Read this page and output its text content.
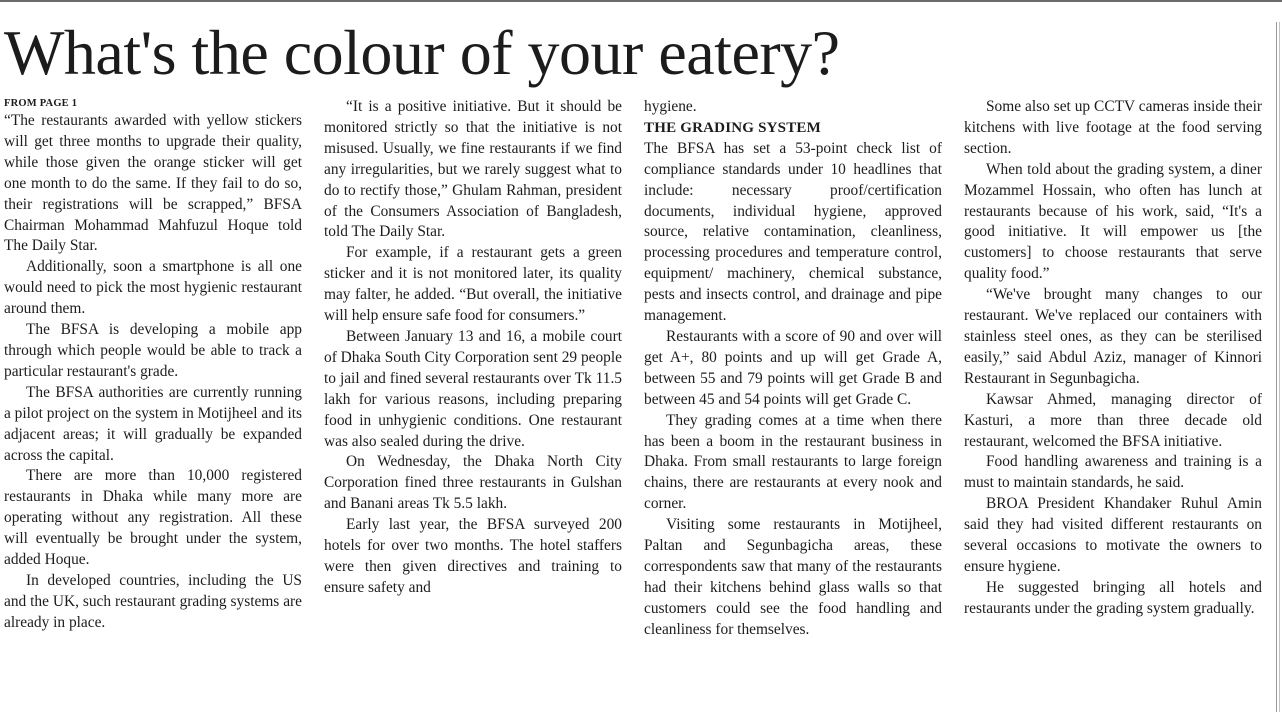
What's the colour of your eatery?
FROM PAGE 1

“The restaurants awarded with yellow stickers will get three months to upgrade their quality, while those given the orange sticker will get one month to do the same. If they fail to do so, their registrations will be scrapped,” BFSA Chairman Mohammad Mahfuzul Hoque told The Daily Star.

Additionally, soon a smartphone is all one would need to pick the most hygienic restaurant around them.

The BFSA is developing a mobile app through which people would be able to track a particular restaurant's grade.

The BFSA authorities are currently running a pilot project on the system in Motijheel and its adjacent areas; it will gradually be expanded across the capital.

There are more than 10,000 registered restaurants in Dhaka while many more are operating without any registration. All these will eventually be brought under the system, added Hoque.

In developed countries, including the US and the UK, such restaurant grading systems are already in place.

“It is a positive initiative. But it should be monitored strictly so that the initiative is not misused. Usually, we fine restaurants if we find any irregularities, but we rarely suggest what to do to rectify those,” Ghulam Rahman, president of the Consumers Association of Bangladesh, told The Daily Star.

For example, if a restaurant gets a green sticker and it is not monitored later, its quality may falter, he added. “But overall, the initiative will help ensure safe food for consumers.”

Between January 13 and 16, a mobile court of Dhaka South City Corporation sent 29 people to jail and fined several restaurants over Tk 11.5 lakh for various reasons, including preparing food in unhygienic conditions. One restaurant was also sealed during the drive.

On Wednesday, the Dhaka North City Corporation fined three restaurants in Gulshan and Banani areas Tk 5.5 lakh.

Early last year, the BFSA surveyed 200 hotels for over two months. The hotel staffers were then given directives and training to ensure safety and

hygiene.

THE GRADING SYSTEM

The BFSA has set a 53-point check list of compliance standards under 10 headlines that include: necessary proof/certification documents, individual hygiene, approved source, relative contamination, cleanliness, processing procedures and temperature control, equipment/ machinery, chemical substance, pests and insects control, and drainage and pipe management.

Restaurants with a score of 90 and over will get A+, 80 points and up will get Grade A, between 55 and 79 points will get Grade B and between 45 and 54 points will get Grade C.

They grading comes at a time when there has been a boom in the restaurant business in Dhaka. From small restaurants to large foreign chains, there are restaurants at every nook and corner.

Visiting some restaurants in Motijheel, Paltan and Segunbagicha areas, these correspondents saw that many of the restaurants had their kitchens behind glass walls so that customers could see the food handling and cleanliness for themselves.

Some also set up CCTV cameras inside their kitchens with live footage at the food serving section.

When told about the grading system, a diner Mozammel Hossain, who often has lunch at restaurants because of his work, said, “It's a good initiative. It will empower us [the customers] to choose restaurants that serve quality food.”

“We've brought many changes to our restaurant. We've replaced our containers with stainless steel ones, as they can be sterilised easily,” said Abdul Aziz, manager of Kinnori Restaurant in Segunbagicha.

Kawsar Ahmed, managing director of Kasturi, a more than three decade old restaurant, welcomed the BFSA initiative.

Food handling awareness and training is a must to maintain standards, he said.

BROA President Khandaker Ruhul Amin said they had visited different restaurants on several occasions to motivate the owners to ensure hygiene.

He suggested bringing all hotels and restaurants under the grading system gradually.
